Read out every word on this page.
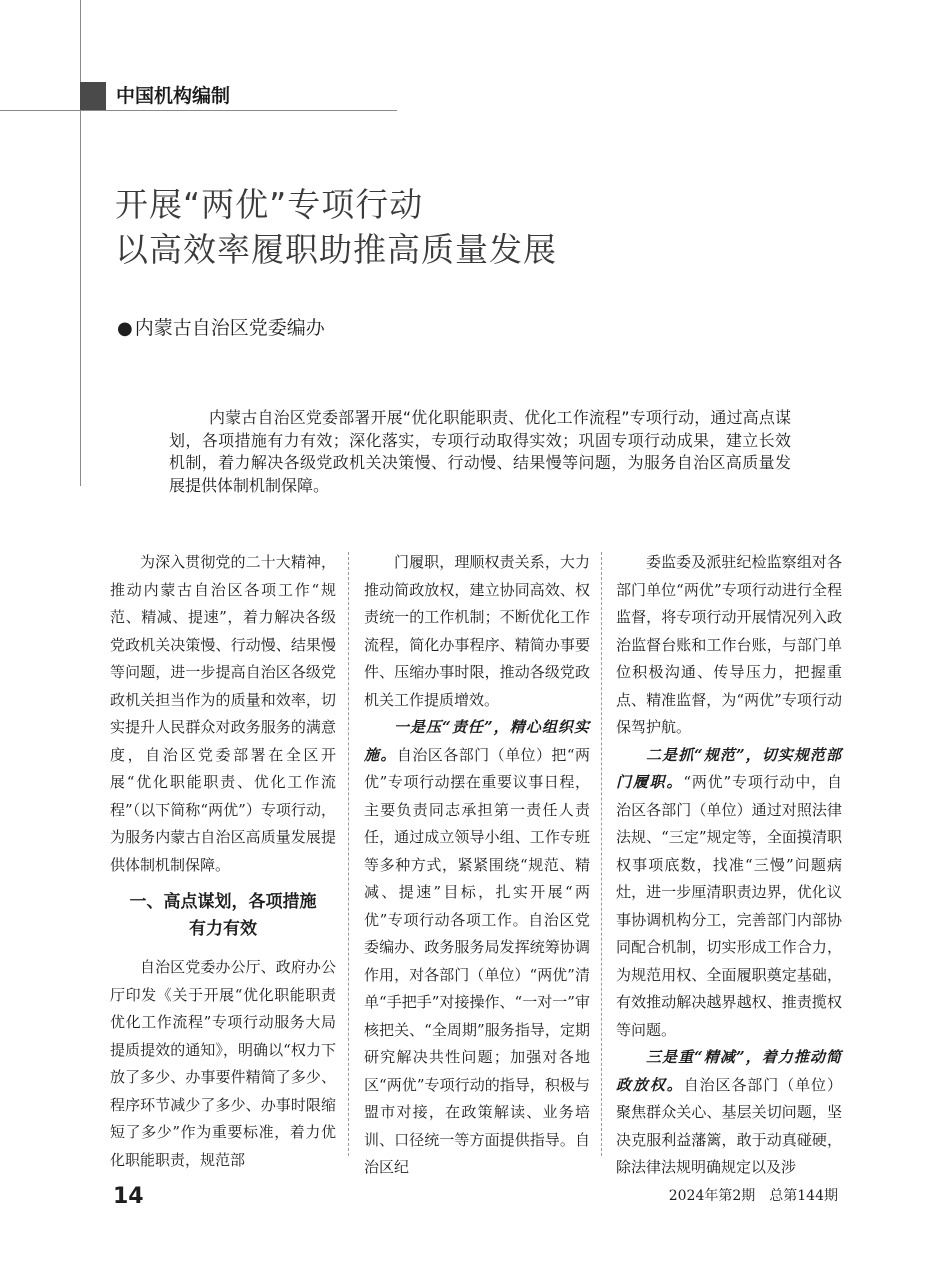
中国机构编制
开展“两优”专项行动
以高效率履职助推高质量发展
● 内蒙古自治区党委编办

内蒙古自治区党委部署开展“优化职能职责、优化工作流程”专项行动，通过高点谋划，各项措施有力有效；深化落实，专项行动取得实效；巩固专项行动成果，建立长效机制，着力解决各级党政机关决策慢、行动慢、结果慢等问题，为服务自治区高质量发展提供体制机制保障。

为深入贯彻党的二十大精神，推动内蒙古自治区各项工作“规范、精减、提速”，着力解决各级党政机关决策慢、行动慢、结果慢等问题，进一步提高自治区各级党政机关担当作为的质量和效率，切实提升人民群众对政务服务的满意度，自治区党委部署在全区开展“优化职能职责、优化工作流程”（以下简称“两优”）专项行动，为服务内蒙古自治区高质量发展提供体制机制保障。

一、高点谋划，各项措施
有力有效

自治区党委办公厅、政府办公厅印发《关于开展“优化职能职责优化工作流程”专项行动服务大局提质提效的通知》，明确以“权力下放了多少、办事要件精简了多少、程序环节减少了多少、办事时限缩短了多少”作为重要标准，着力优化职能职责，规范部

门履职，理顺权责关系，大力推动简政放权，建立协同高效、权责统一的工作机制；不断优化工作流程，简化办事程序、精简办事要件、压缩办事时限，推动各级党政机关工作提质增效。

一是压“责任”，精心组织实施。自治区各部门（单位）把“两优”专项行动摆在重要议事日程，主要负责同志承担第一责任人责任，通过成立领导小组、工作专班等多种方式，紧紧围绕“规范、精减、提速”目标，扎实开展“两优”专项行动各项工作。自治区党委编办、政务服务局发挥统筹协调作用，对各部门（单位）“两优”清单“手把手”对接操作、“一对一”审核把关、“全周期”服务指导，定期研究解决共性问题；加强对各地区“两优”专项行动的指导，积极与盟市对接，在政策解读、业务培训、口径统一等方面提供指导。自治区纪

委监委及派驻纪检监察组对各部门单位“两优”专项行动进行全程监督，将专项行动开展情况列入政治监督台账和工作台账，与部门单位积极沟通、传导压力，把握重点、精准监督，为“两优”专项行动保驾护航。

二是抓“规范”，切实规范部门履职。“两优”专项行动中，自治区各部门（单位）通过对照法律法规、“三定”规定等，全面摸清职权事项底数，找准“三慢”问题病灶，进一步厘清职责边界，优化议事协调机构分工，完善部门内部协同配合机制，切实形成工作合力，为规范用权、全面履职奠定基础，有效推动解决越界越权、推责揽权等问题。

三是重“精减”，着力推动简政放权。自治区各部门（单位）聚焦群众关心、基层关切问题，坚决克服利益藩篱，敢于动真碰硬，除法律法规明确规定以及涉

14	2024年第2期　总第144期
